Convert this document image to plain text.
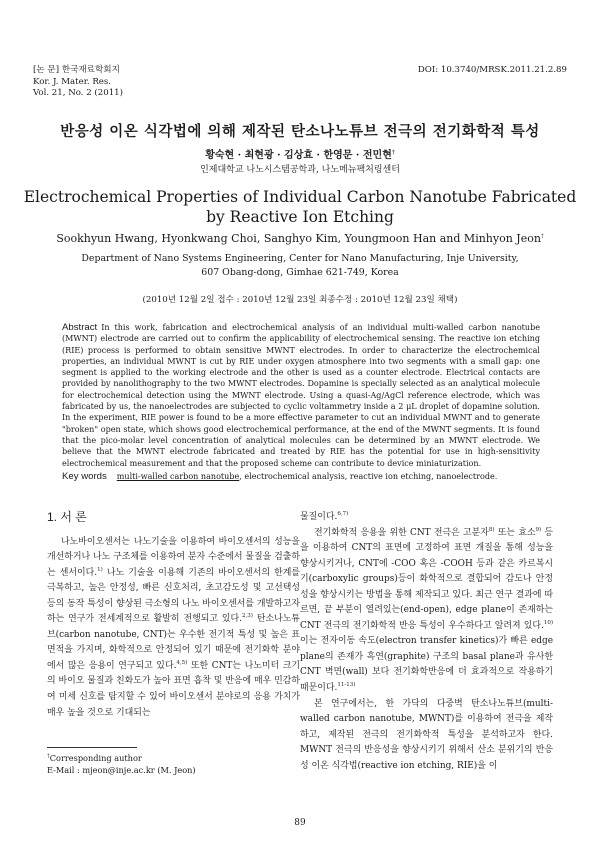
[논 문] 한국재료학회지
Kor. J. Mater. Res.
Vol. 21, No. 2 (2011)
DOI: 10.3740/MRSK.2011.21.2.89
반응성 이온 식각법에 의해 제작된 탄소나노튜브 전극의 전기화학적 특성
황숙현 · 최현광 · 김상효 · 한영문 · 전민현†
인제대학교 나노시스템공학과, 나노메뉴팩처링센터
Electrochemical Properties of Individual Carbon Nanotube Fabricated
by Reactive Ion Etching
Sookhyun Hwang, Hyonkwang Choi, Sanghyo Kim, Youngmoon Han and Minhyon Jeon†
Department of Nano Systems Engineering, Center for Nano Manufacturing, Inje University,
607 Obang-dong, Gimhae 621-749, Korea
(2010년 12월 2일 접수 : 2010년 12월 23일 최종수정 : 2010년 12월 23일 채택)
Abstract In this work, fabrication and electrochemical analysis of an individual multi-walled carbon nanotube (MWNT) electrode are carried out to confirm the applicability of electrochemical sensing. The reactive ion etching (RIE) process is performed to obtain sensitive MWNT electrodes. In order to characterize the electrochemical properties, an individual MWNT is cut by RIE under oxygen atmosphere into two segments with a small gap: one segment is applied to the working electrode and the other is used as a counter electrode. Electrical contacts are provided by nanolithography to the two MWNT electrodes. Dopamine is specially selected as an analytical molecule for electrochemical detection using the MWNT electrode. Using a quasi-Ag/AgCl reference electrode, which was fabricated by us, the nanoelectrodes are subjected to cyclic voltammetry inside a 2 μL droplet of dopamine solution. In the experiment, RIE power is found to be a more effective parameter to cut an individual MWNT and to generate "broken" open state, which shows good electrochemical performance, at the end of the MWNT segments. It is found that the pico-molar level concentration of analytical molecules can be determined by an MWNT electrode. We believe that the MWNT electrode fabricated and treated by RIE has the potential for use in high-sensitivity electrochemical measurement and that the proposed scheme can contribute to device miniaturization.
Key words multi-walled carbon nanotube, electrochemical analysis, reactive ion etching, nanoelectrode.
1. 서 론

나노바이오센서는 나노기술을 이용하여 바이오센서의 성능을 개선하거나 나노 구조체를 이용하여 분자 수준에서 물질을 검출하는 센서이다.$^{1)}$ 나노 기술을 이용해 기존의 바이오센서의 한계를 극복하고, 높은 안정성, 빠른 신호처리, 초고감도성 및 고선택성 등의 동작 특성이 향상된 극소형의 나노 바이오센서를 개발하고자 하는 연구가 전세계적으로 활발히 전행되고 있다.$^{2,3)}$ 탄소나노튜브(carbon nanotube, CNT)는 우수한 전기적 특성 및 높은 표면적을 가지며, 화학적으로 안정되어 있기 때문에 전기화학 분야에서 많은 응용이 연구되고 있다.$^{4,5)}$ 또한 CNT는 나노미터 크기의 바이오 물질과 친화도가 높아 표면 흡착 및 반응에 매우 민감하여 미세 신호를 탐지할 수 있어 바이오센서 분야로의 응용 가치가 매우 높을 것으로 기대되는

물질이다.$^{6,7)}$

전기화학적 응용을 위한 CNT 전극은 고분자$^{8)}$ 또는 효소$^{9)}$ 등을 이용하여 CNT의 표면에 고정하여 표면 개질을 통해 성능을 향상시키거나, CNT에 -COO 혹은 -COOH 등과 같은 카르복시기(carboxylic groups)등이 화학적으로 결합되어 감도나 안정성을 향상시키는 방법을 통해 제작되고 있다. 최근 연구 결과에 따르면, 끝 부분이 열려있는(end-open), edge plane이 존재하는 CNT 전극의 전기화학적 반응 특성이 우수하다고 알려져 있다.$^{10)}$ 이는 전자이동 속도(electron transfer kinetics)가 빠른 edge plane의 존재가 흑연(graphite) 구조의 basal plane과 유사한 CNT 벽면(wall) 보다 전기화학반응에 더 효과적으로 작용하기 때문이다.$^{11-13)}$

본 연구에서는, 한 가닥의 다중벽 탄소나노튜브(multi-walled carbon nanotube, MWNT)를 이용하여 전극을 제작하고, 제작된 전극의 전기화학적 특성을 분석하고자 한다. MWNT 전극의 반응성을 향상시키기 위해서 산소 분위기의 반응성 이온 식각법(reactive ion etching, RIE)을 이

†Corresponding author
E-Mail : mjeon@inje.ac.kr (M. Jeon)
89
